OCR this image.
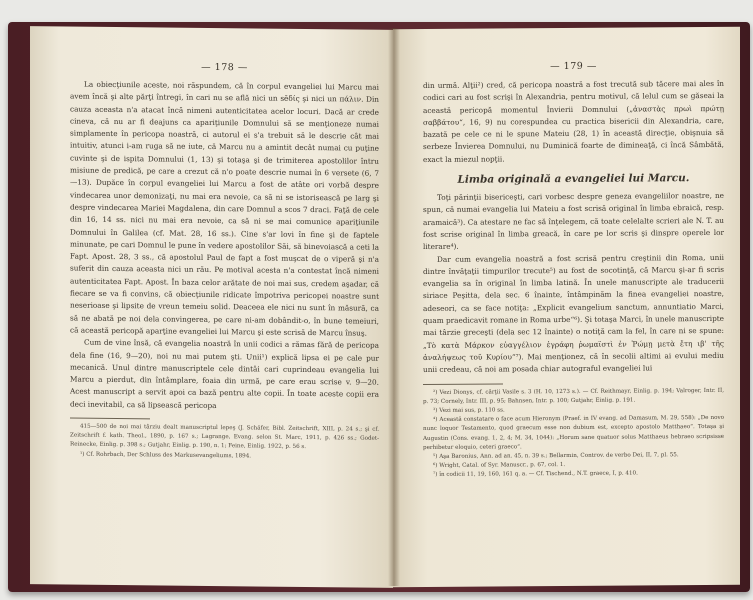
— 178 —

La obiecţiunile aceste, noi răspundem, că în corpul evangeliei lui Marcu mai avem încă şi alte părţi întregi, în cari nu se află nici un sĕδίς şi nici un πάλιν. Din cauza aceasta n'a atacat încă nimeni autenticitatea acelor locuri. Dacă ar crede cineva, că nu ar fi deajuns ca apariţiunile Domnului să se menţioneze numai simplamente în pericopa noastră, ci autorul ei s'a trebuit să le descrie cât mai intuitiv, atunci i-am ruga să ne iute, că Marcu nu a amintit decât numai cu puţine cuvinte şi de ispita Domnului (1, 13) şi totaşa şi de trimiterea apostolilor întru misiune de predică, pe care a crezut că n'o poate descrie numai în 6 versete (6, 7—13). Dupăce în corpul evangeliei lui Marcu a fost de atâte ori vorbă despre vindecarea unor demonizaţi, nu mai era nevoie, ca să ni se istorisească pe larg şi despre vindecarea Mariei Magdalena, din care Domnul a scos 7 draci. Faţă de cele din 16, 14 ss. nici nu mai era nevoie, ca să ni se mai comunice apariţiunile Domnului în Galilea (cf. Mat. 28, 16 ss.). Cine s'ar lovi în fine şi de faptele minunate, pe cari Domnul le pune în vedere apostolilor Săi, să binevoiască a ceti la Fapt. Apost. 28, 3 ss., că apostolul Paul de fapt a fost muşcat de o viperă şi n'a suferit din cauza aceasta nici un rău. Pe motival acesta n'a contestat încă nimeni autenticitatea Fapt. Apost. În baza celor arătate de noi mai sus, credem aşadar, că fiecare se va fi convins, că obiecţiunile ridicate împotriva pericopei noastre sunt neserioase şi lipsite de vreun temeiu solid. Deaceea ele nici nu sunt în măsură, ca să ne abată pe noi dela convingerea, pe care ni-am dobândit-o, în bune temeiuri, că această pericopă aparţine evangeliei lui Marcu şi este scrisă de Marcu însuş.

Cum de vine însă, că evangelia noastră în unii codici a rămas fără de pericopa dela fine (16, 9—20), noi nu mai putem şti. Unii¹) explică lipsa ei pe cale pur mecanică. Unul dintre manuscriptele cele dintâi cari cuprindeau evangelia lui Marcu a pierdut, din întâmplare, foaia din urmă, pe care erau scrise v. 9—20. Acest manuscript a servit apoi ca bază pentru alte copii. În toate aceste copii era deci inevitabil, ca să lipsească pericopa

415—500 de noi mai târziu dealt manuscriptul lepeş (J. Schäfer, Bibl. Zeitschrift, XIII, p. 24 s.; şi cf. Zeitschrift f. kath. Theol., 1890, p. 167 s.; Lagrange, Evang. selon St. Marc, 1911, p. 426 ss.; Godet-Reinecke, Einlig. p. 398 s.; Gutjahr, Einlig. p. 190, n. 1; Feine, Einlig. 1922, p. 56 s.

¹) Cf. Rohrbach, Der Schluss des Markusevangeliums, 1894.

— 179 —

din urmă. Alţii²) cred, că pericopa noastră a fost trecută sub tăcere mai ales în codici cari au fost scrişi în Alexandria, pentru motivul, că lelul cum se găseai la această pericopă momentul Învierii Domnului („ἀναστὰς πρωὶ πρώτῃ σαββάτου“, 16, 9) nu corespundea cu practica bisericii din Alexandria, care, bazată pe cele ce ni le spune Mateiu (28, 1) în această direcţie, obişnuia să serbeze Învierea Domnului, nu Duminică foarte de dimineaţă, ci încă Sâmbătă, exact la miezul nopţii.

Limba originală a evangeliei lui Marcu.

Toţi părinţii bisericeşti, cari vorbesc despre geneza evangeliilor noastre, ne spun, că numai evangelia lui Mateiu a fost scrisă original în limba ebraică, resp. aramaică³). Ca atestare ne fac să înţelegem, că toate celelalte scrieri ale N. T. au fost scrise original în limba greacă, în care pe lor scris şi dinspre operele lor literare⁴).

Dar cum evangelia noastră a fost scrisă pentru creştinii din Roma, unii dintre învăţaţii timpurilor trecute⁵) au fost de socotinţă, că Marcu şi-ar fi scris evangelia sa în original în limba latină. În unele manuscripte ale traducerii siriace Peşitta, dela sec. 6 înainte, întâmpinăm la finea evangeliei noastre, adeseori, ca se face notiţa: „Explicit evangelium sanctum, annuntiatio Marci, quam praedicavit romane in Roma urbe“⁶). Şi totaşa Marci, în unele manuscripte mai târzie greceşti (dela sec 12 înainte) o notiţă cam la fel, în care ni se spune: „Τὸ κατὰ Μάρκον εὐαγγέλιον ἐγράφη ῥωμαϊστὶ ἐν Ῥώμῃ μετὰ ἔτη ιβ' τῆς ἀναλήψεως τοῦ Κυρίου“⁷). Mai menţionez, că în secolii altimi ai evului mediu unii credeau, că noi am posada chiar autograful evangeliei lui

²) Vezi Dionys, cf. cărţii Vasile s. 3 (H. 10, 1273 s.). — Cf. Reithmayr, Einlig. p. 194; Valroger, Intr. II, p. 73; Cornely, Intr. III, p. 95; Bahnsen, Intr. p. 100; Gutjahr, Einlig. p. 191.

³) Vezi mai sus, p. 110 ss.

⁴) Această constatare o face acum Hieronym (Praef. in IV evang. ad Damasum, M. 29, 558): „De novo nunc loquor Testamento, quod graecum esse non dubium est, excepto apostolo Matthaeo“. Totaşa şi Augustin (Cons. evang. 1, 2, 4; M. 34, 1044): „Horum sane quatuor solus Matthaeus hebraeo scripsisse perhibetur eloquio, ceteri graeco“.

⁵) Aşa Baronius, Ann. ad an. 45, n. 39 s.; Bellarmin, Controv. de verbo Dei, II, 7, pl. 55.

⁶) Wright, Catal. of Syr. Manuscr., p. 67, col. 1.

⁷) în codicii 11, 19, 160, 161 q. a. — Cf. Tischend., N.T. graece, I, p. 410.
